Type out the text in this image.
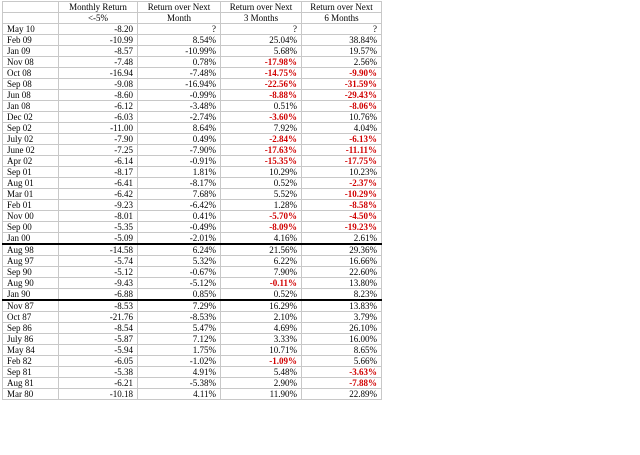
	Monthly Return	Return over Next	Return over Next	Return over Next
	<-5%	Month	3 Months	6 Months
May 10	-8.20	?	?	?
Feb 09	-10.99	8.54%	25.04%	38.84%
Jan 09	-8.57	-10.99%	5.68%	19.57%
Nov 08	-7.48	0.78%	-17.98%	2.56%
Oct 08	-16.94	-7.48%	-14.75%	-9.90%
Sep 08	-9.08	-16.94%	-22.56%	-31.59%
Jun 08	-8.60	-0.99%	-8.88%	-29.43%
Jan 08	-6.12	-3.48%	0.51%	-8.06%
Dec 02	-6.03	-2.74%	-3.60%	10.76%
Sep 02	-11.00	8.64%	7.92%	4.04%
July 02	-7.90	0.49%	-2.84%	-6.13%
June 02	-7.25	-7.90%	-17.63%	-11.11%
Apr 02	-6.14	-0.91%	-15.35%	-17.75%
Sep 01	-8.17	1.81%	10.29%	10.23%
Aug 01	-6.41	-8.17%	0.52%	-2.37%
Mar 01	-6.42	7.68%	5.52%	-10.29%
Feb 01	-9.23	-6.42%	1.28%	-8.58%
Nov 00	-8.01	0.41%	-5.70%	-4.50%
Sep 00	-5.35	-0.49%	-8.09%	-19.23%
Jan 00	-5.09	-2.01%	4.16%	2.61%
Aug 98	-14.58	6.24%	21.56%	29.36%
Aug 97	-5.74	5.32%	6.22%	16.66%
Sep 90	-5.12	-0.67%	7.90%	22.60%
Aug 90	-9.43	-5.12%	-0.11%	13.80%
Jan 90	-6.88	0.85%	0.52%	8.23%
Nov 87	-8.53	7.29%	16.29%	13.83%
Oct 87	-21.76	-8.53%	2.10%	3.79%
Sep 86	-8.54	5.47%	4.69%	26.10%
July 86	-5.87	7.12%	3.33%	16.00%
May 84	-5.94	1.75%	10.71%	8.65%
Feb 82	-6.05	-1.02%	-1.09%	5.66%
Sep 81	-5.38	4.91%	5.48%	-3.63%
Aug 81	-6.21	-5.38%	2.90%	-7.88%
Mar 80	-10.18	4.11%	11.90%	22.89%
